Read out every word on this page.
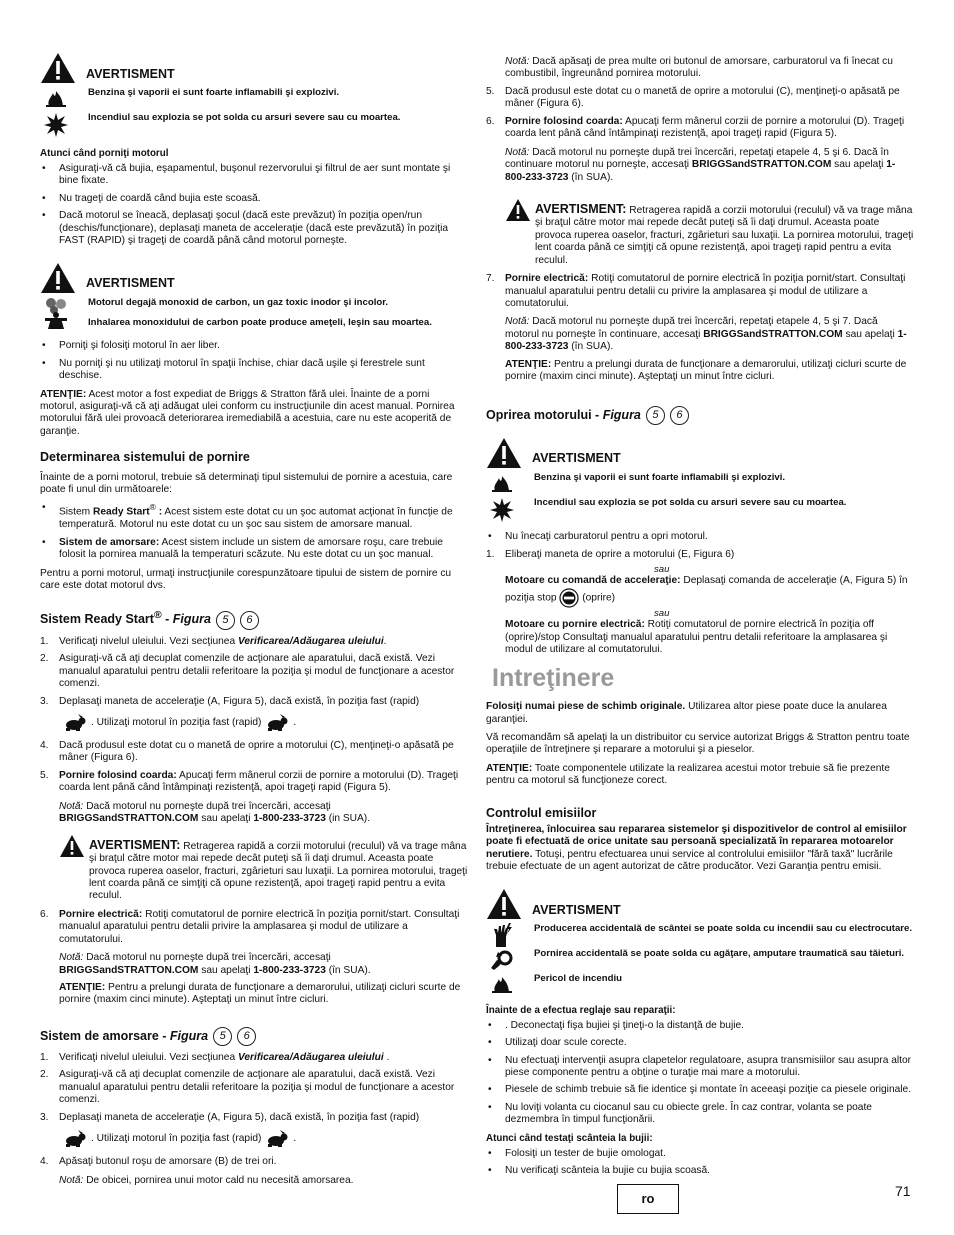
AVERTISMENT
Benzina şi vaporii ei sunt foarte inflamabili şi explozivi.
Incendiul sau explozia se pot solda cu arsuri severe sau cu moartea.
Atunci când porniţi motorul
• Asiguraţi-vă că bujia, eşapamentul, buşonul rezervorului şi filtrul de aer sunt montate şi bine fixate.
• Nu trageţi de coardă când bujia este scoasă.
• Dacă motorul se îneacă, deplasaţi şocul (dacă este prevăzut) în poziţia open/run (deschis/funcţionare), deplasaţi maneta de acceleraţie (dacă este prevăzută) în poziţia FAST (RAPID) şi trageţi de coardă până când motorul porneşte.
AVERTISMENT
Motorul degajă monoxid de carbon, un gaz toxic inodor şi incolor.
Inhalarea monoxidului de carbon poate produce ameţeli, leşin sau moartea.
• Porniţi şi folosiţi motorul în aer liber.
• Nu porniţi şi nu utilizaţi motorul în spaţii închise, chiar dacă uşile şi ferestrele sunt deschise.

ATENŢIE: Acest motor a fost expediat de Briggs & Stratton fără ulei. Înainte de a porni motorul, asiguraţi-vă că aţi adăugat ulei conform cu instrucţiunile din acest manual. Pornirea motorului fără ulei provoacă deteriorarea iremediabilă a acestuia, care nu este acoperită de garanţie.

Determinarea sistemului de pornire

Înainte de a porni motorul, trebuie să determinaţi tipul sistemului de pornire a acestuia, care poate fi unul din următoarele:

• Sistem Ready Start® : Acest sistem este dotat cu un şoc automat acţionat în funcţie de temperatură. Motorul nu este dotat cu un şoc sau sistem de amorsare manual.
• Sistem de amorsare: Acest sistem include un sistem de amorsare roşu, care trebuie folosit la pornirea manuală la temperaturi scăzute. Nu este dotat cu un şoc manual.

Pentru a porni motorul, urmaţi instrucţiunile corespunzătoare tipului de sistem de pornire cu care este dotat motorul dvs.

Sistem Ready Start® - Figura 5 6
1. Verificaţi nivelul uleiului. Vezi secţiunea Verificarea/Adăugarea uleiului.
2. Asiguraţi-vă că aţi decuplat comenzile de acţionare ale aparatului, dacă există. Vezi manualul aparatului pentru detalii referitoare la poziţia şi modul de funcţionare a acestor comenzi.
3. Deplasaţi maneta de acceleraţie (A, Figura 5), dacă există, în poziţia fast (rapid)
. Utilizaţi motorul în poziţia fast (rapid)	.
4. Dacă produsul este dotat cu o manetă de oprire a motorului (C), menţineţi-o apăsată pe mâner (Figura 6).
5. Pornire folosind coarda: Apucaţi ferm mânerul corzii de pornire a motorului (D). Trageţi coarda lent până când întâmpinaţi rezistenţă, apoi trageţi rapid (Figura 5).
Notă: Dacă motorul nu porneşte după trei încercări, accesaţi BRIGGSandSTRATTON.COM sau apelaţi 1-800-233-3723 (in SUA).
AVERTISMENT: Retragerea rapidă a corzii motorului (reculul) vă va trage mâna şi braţul către motor mai repede decât puteţi să îi daţi drumul. Aceasta poate provoca ruperea oaselor, fracturi, zgârieturi sau luxaţii. La pornirea motorului, trageţi lent coarda până ce simţiţi că opune rezistenţă, apoi trageţi rapid pentru a evita reculul.
6. Pornire electrică: Rotiţi comutatorul de pornire electrică în poziţia pornit/start. Consultaţi manualul aparatului pentru detalii privire la amplasarea şi modul de utilizare a comutatorului.
Notă: Dacă motorul nu porneşte după trei încercări, accesaţi BRIGGSandSTRATTON.COM sau apelaţi 1-800-233-3723 (în SUA).
ATENŢIE: Pentru a prelungi durata de funcţionare a demarorului, utilizaţi cicluri scurte de pornire (maxim cinci minute). Aşteptaţi un minut între cicluri.
Sistem de amorsare - Figura 5 6
1. Verificaţi nivelul uleiului. Vezi secţiunea Verificarea/Adăugarea uleiului .
2. Asiguraţi-vă că aţi decuplat comenzile de acţionare ale aparatului, dacă există. Vezi manualul aparatului pentru detalii referitoare la poziţia şi modul de funcţionare a acestor comenzi.
3. Deplasaţi maneta de acceleraţie (A, Figura 5), dacă există, în poziţia fast (rapid)
. Utilizaţi motorul în poziţia fast (rapid)	.
4. Apăsaţi butonul roşu de amorsare (B) de trei ori.
Notă: De obicei, pornirea unui motor cald nu necesită amorsarea.
Notă: Dacă apăsaţi de prea multe ori butonul de amorsare, carburatorul va fi înecat cu combustibil, îngreunând pornirea motorului.
5. Dacă produsul este dotat cu o manetă de oprire a motorului (C), menţineţi-o apăsată pe mâner (Figura 6).
6. Pornire folosind coarda: Apucaţi ferm mânerul corzii de pornire a motorului (D). Trageţi coarda lent până când întâmpinaţi rezistenţă, apoi trageţi rapid (Figura 5).
Notă: Dacă motorul nu porneşte după trei încercări, repetaţi etapele 4, 5 şi 6. Dacă în continuare motorul nu porneşte, accesaţi BRIGGSandSTRATTON.COM sau apelaţi 1-800-233-3723 (în SUA).
AVERTISMENT: Retragerea rapidă a corzii motorului (reculul) vă va trage mâna şi braţul către motor mai repede decât puteţi să îi daţi drumul. Aceasta poate provoca ruperea oaselor, fracturi, zgârieturi sau luxaţii. La pornirea motorului, trageţi lent coarda până ce simţiţi că opune rezistenţă, apoi trageţi rapid pentru a evita reculul.
7. Pornire electrică: Rotiţi comutatorul de pornire electrică în poziţia pornit/start. Consultaţi manualul aparatului pentru detalii cu privire la amplasarea şi modul de utilizare a comutatorului.
Notă: Dacă motorul nu porneşte după trei încercări, repetaţi etapele 4, 5 şi 7. Dacă motorul nu porneşte în continuare, accesaţi BRIGGSandSTRATTON.COM sau apelaţi 1-800-233-3723 (în SUA).
ATENŢIE: Pentru a prelungi durata de funcţionare a demarorului, utilizaţi cicluri scurte de pornire (maxim cinci minute). Aşteptaţi un minut între cicluri.
Oprirea motorului - Figura 5 6
AVERTISMENT
Benzina şi vaporii ei sunt foarte inflamabili şi explozivi.
Incendiul sau explozia se pot solda cu arsuri severe sau cu moartea.
• Nu înecaţi carburatorul pentru a opri motorul.
1. Eliberaţi maneta de oprire a motorului (E, Figura 6)

sau

Motoare cu comandă de acceleraţie: Deplasaţi comanda de acceleraţie (A, Figura 5) în poziţia stop	(oprire)

sau

Motoare cu pornire electrică: Rotiţi comutatorul de pornire electrică în poziţia off (oprire)/stop Consultaţi manualul aparatului pentru detalii referitoare la amplasarea şi modul de utilizare al comutatorului.
Intreţinere

Folosiţi numai piese de schimb originale. Utilizarea altor piese poate duce la anularea garanţiei.

Vă recomandăm să apelaţi la un distribuitor cu service autorizat Briggs & Stratton pentru toate operaţiile de întreţinere şi reparare a motorului şi a pieselor.

ATENŢIE: Toate componentele utilizate la realizarea acestui motor trebuie să fie prezente pentru ca motorul să funcţioneze corect.

Controlul emisiilor

Întreţinerea, înlocuirea sau repararea sistemelor şi dispozitivelor de control al emisiilor poate fi efectuată de orice unitate sau persoană specializată în repararea motoarelor nerutiere. Totuşi, pentru efectuarea unui service al controlului emisiilor "fără taxă" lucrările trebuie efectuate de un agent autorizat de către producător. Vezi Garanţia pentru emisii.

AVERTISMENT
Producerea accidentală de scântei se poate solda cu incendii sau cu electrocutare.
Pornirea accidentală se poate solda cu agăţare, amputare traumatică sau tăieturi.
Pericol de incendiu
Înainte de a efectua reglaje sau reparaţii:
• . Deconectaţi fişa bujiei şi ţineţi-o la distanţă de bujie.
• Utilizaţi doar scule corecte.
• Nu efectuaţi intervenţii asupra clapetelor regulatoare, asupra transmisiilor sau asupra altor piese componente pentru a obţine o turaţie mai mare a motorului.
• Piesele de schimb trebuie să fie identice şi montate în aceeaşi poziţie ca piesele originale.
• Nu loviţi volanta cu ciocanul sau cu obiecte grele. În caz contrar, volanta se poate dezmembra în timpul funcţionării.
Atunci când testaţi scânteia la bujii:
• Folosiţi un tester de bujie omologat.
• Nu verificaţi scânteia la bujie cu bujia scoasă.
ro	71
